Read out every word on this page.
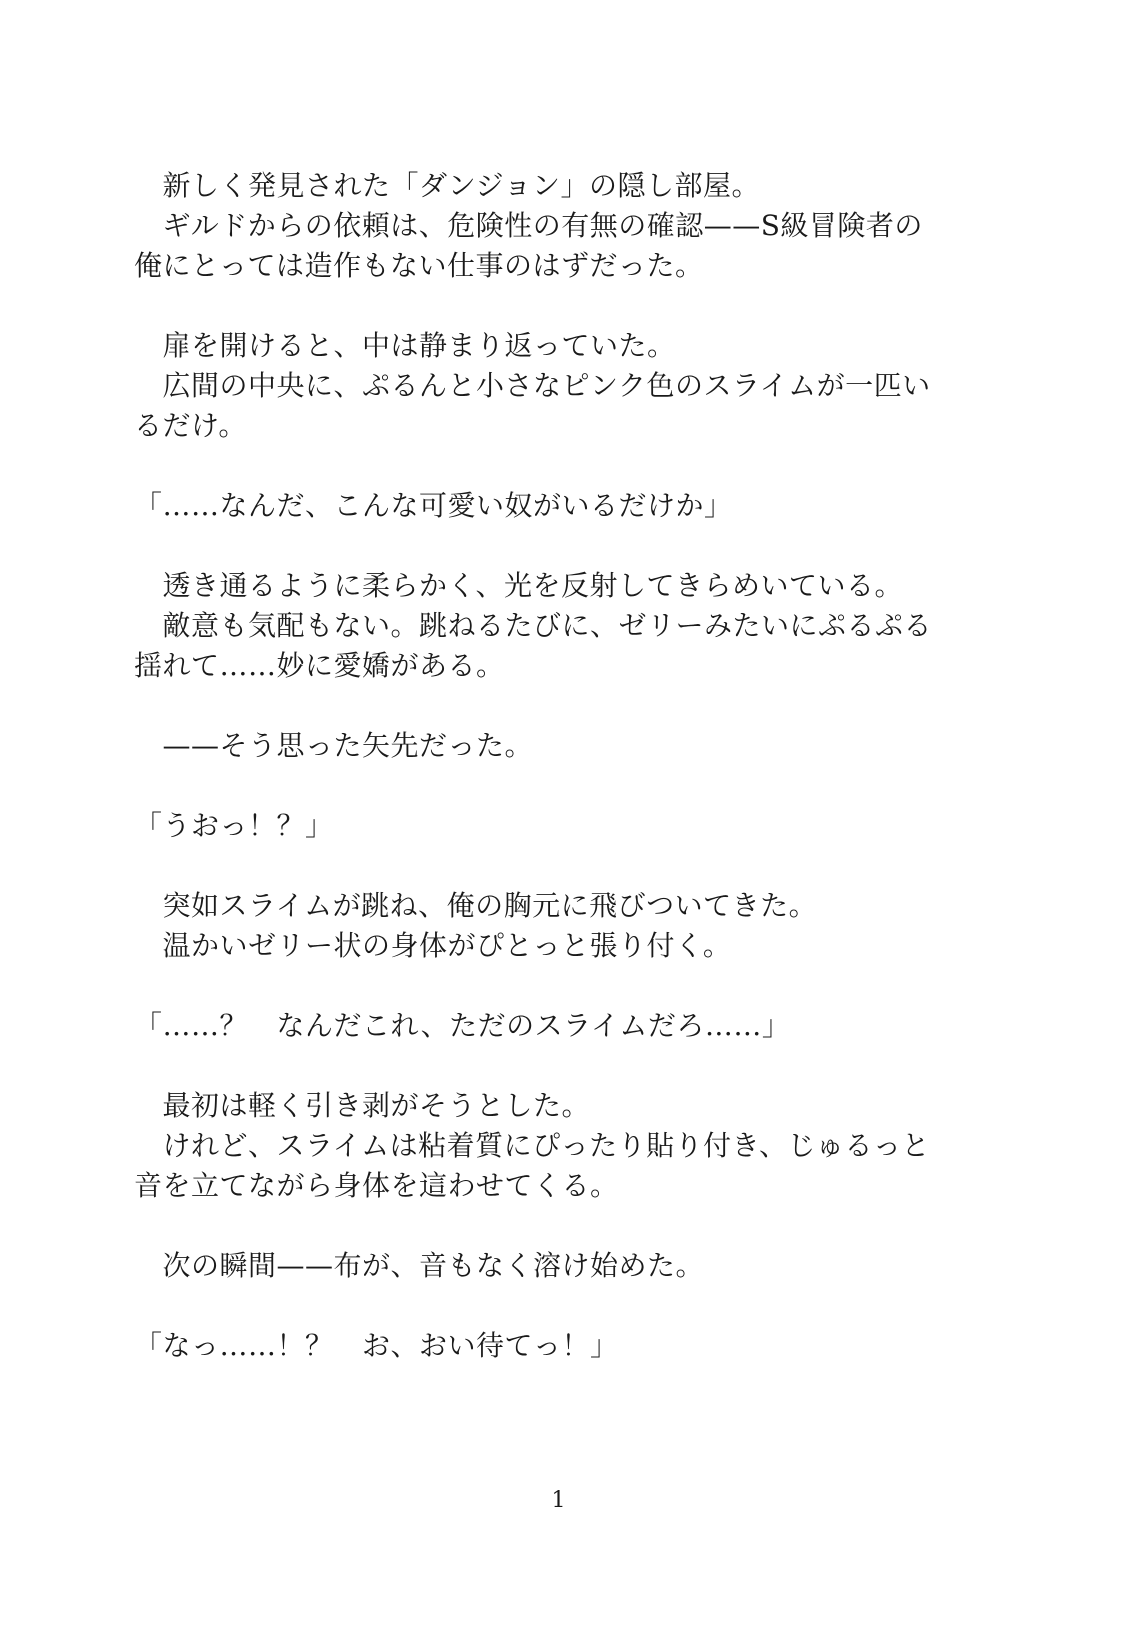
　新しく発見された「ダンジョン」の隠し部屋。
　ギルドからの依頼は、危険性の有無の確認——S級冒険者の
俺にとっては造作もない仕事のはずだった。
　扉を開けると、中は静まり返っていた。
　広間の中央に、ぷるんと小さなピンク色のスライムが一匹い
るだけ。
「……なんだ、こんな可愛い奴がいるだけか」
　透き通るように柔らかく、光を反射してきらめいている。
　敵意も気配もない。跳ねるたびに、ゼリーみたいにぷるぷる
揺れて……妙に愛嬌がある。
　——そう思った矢先だった。
「うおっ！？」
　突如スライムが跳ね、俺の胸元に飛びついてきた。
　温かいゼリー状の身体がぴとっと張り付く。
「……？　なんだこれ、ただのスライムだろ……」
　最初は軽く引き剥がそうとした。
　けれど、スライムは粘着質にぴったり貼り付き、じゅるっと
音を立てながら身体を這わせてくる。
　次の瞬間——布が、音もなく溶け始めた。
「なっ……！？　お、おい待てっ！」
1
